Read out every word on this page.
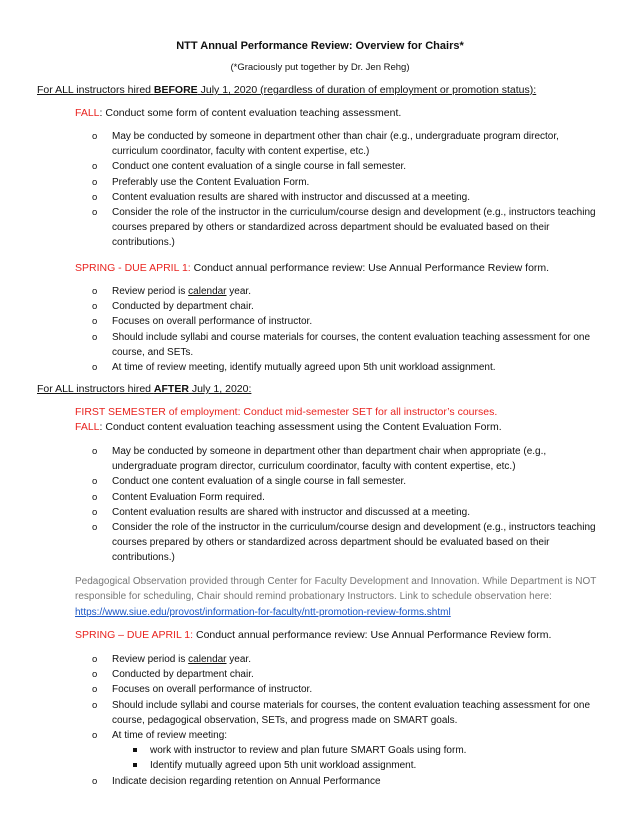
NTT Annual Performance Review: Overview for Chairs*
(*Graciously put together by Dr. Jen Rehg)
For ALL instructors hired BEFORE July 1, 2020 (regardless of duration of employment or promotion status):
FALL: Conduct some form of content evaluation teaching assessment.
o May be conducted by someone in department other than chair (e.g., undergraduate program director, curriculum coordinator, faculty with content expertise, etc.)
o Conduct one content evaluation of a single course in fall semester.
o Preferably use the Content Evaluation Form.
o Content evaluation results are shared with instructor and discussed at a meeting.
o Consider the role of the instructor in the curriculum/course design and development (e.g., instructors teaching courses prepared by others or standardized across department should be evaluated based on their contributions.)
SPRING - DUE APRIL 1: Conduct annual performance review: Use Annual Performance Review form.
o Review period is calendar year.
o Conducted by department chair.
o Focuses on overall performance of instructor.
o Should include syllabi and course materials for courses, the content evaluation teaching assessment for one course, and SETs.
o At time of review meeting, identify mutually agreed upon 5th unit workload assignment.
For ALL instructors hired AFTER July 1, 2020:
FIRST SEMESTER of employment: Conduct mid-semester SET for all instructor’s courses.
FALL: Conduct content evaluation teaching assessment using the Content Evaluation Form.
o May be conducted by someone in department other than department chair when appropriate (e.g., undergraduate program director, curriculum coordinator, faculty with content expertise, etc.)
o Conduct one content evaluation of a single course in fall semester.
o Content Evaluation Form required.
o Content evaluation results are shared with instructor and discussed at a meeting.
o Consider the role of the instructor in the curriculum/course design and development (e.g., instructors teaching courses prepared by others or standardized across department should be evaluated based on their contributions.)
Pedagogical Observation provided through Center for Faculty Development and Innovation. While Department is NOT responsible for scheduling, Chair should remind probationary Instructors. Link to schedule observation here: https://www.siue.edu/provost/information-for-faculty/ntt-promotion-review-forms.shtml
SPRING – DUE APRIL 1: Conduct annual performance review: Use Annual Performance Review form.
o Review period is calendar year.
o Conducted by department chair.
o Focuses on overall performance of instructor.
o Should include syllabi and course materials for courses, the content evaluation teaching assessment for one course, pedagogical observation, SETs, and progress made on SMART goals.
o At time of review meeting:
work with instructor to review and plan future SMART Goals using form.
Identify mutually agreed upon 5th unit workload assignment.
o Indicate decision regarding retention on Annual Performance
